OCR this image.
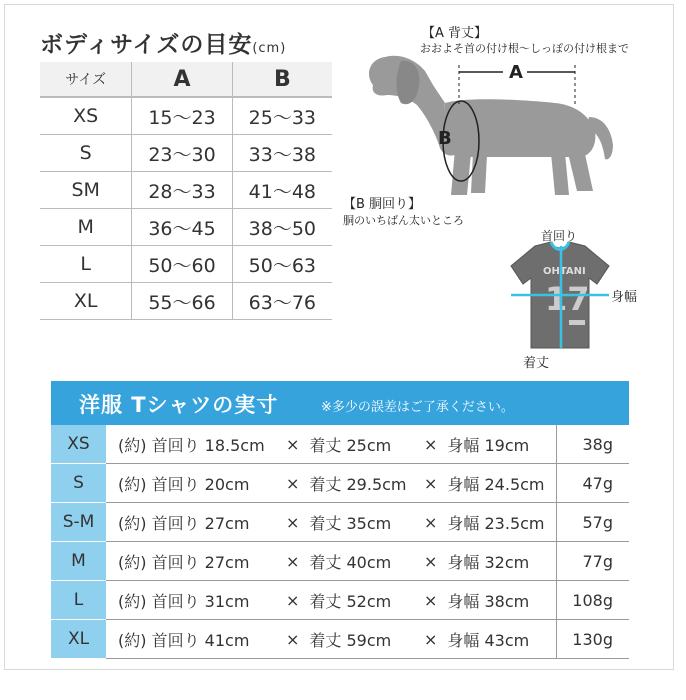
ボディサイズの目安(cm)
サイズ	A	B
XS	15〜23	25〜33
S	23〜30	33〜38
SM	28〜33	41〜48
M	36〜45	38〜50
L	50〜60	50〜63
XL	55〜66	63〜76
【A 背丈】
おおよそ首の付け根〜しっぽの付け根まで
A
B
【B 胴回り】
胴のいちばん太いところ
首回り
OHTANI
17 身幅
着丈
洋服 Tシャツの実寸	※多少の誤差はご了承ください。
XS	(約) 首回り 18.5cm	× 着丈 25cm × 身幅 19cm	38g
S	(約) 首回り 20cm	× 着丈 29.5cm × 身幅 24.5cm	47g
S-M	(約) 首回り 27cm	× 着丈 35cm × 身幅 23.5cm	57g
M	(約) 首回り 27cm	× 着丈 40cm × 身幅 32cm	77g
L	(約) 首回り 31cm	× 着丈 52cm × 身幅 38cm	108g
XL	(約) 首回り 41cm	× 着丈 59cm × 身幅 43cm	130g
